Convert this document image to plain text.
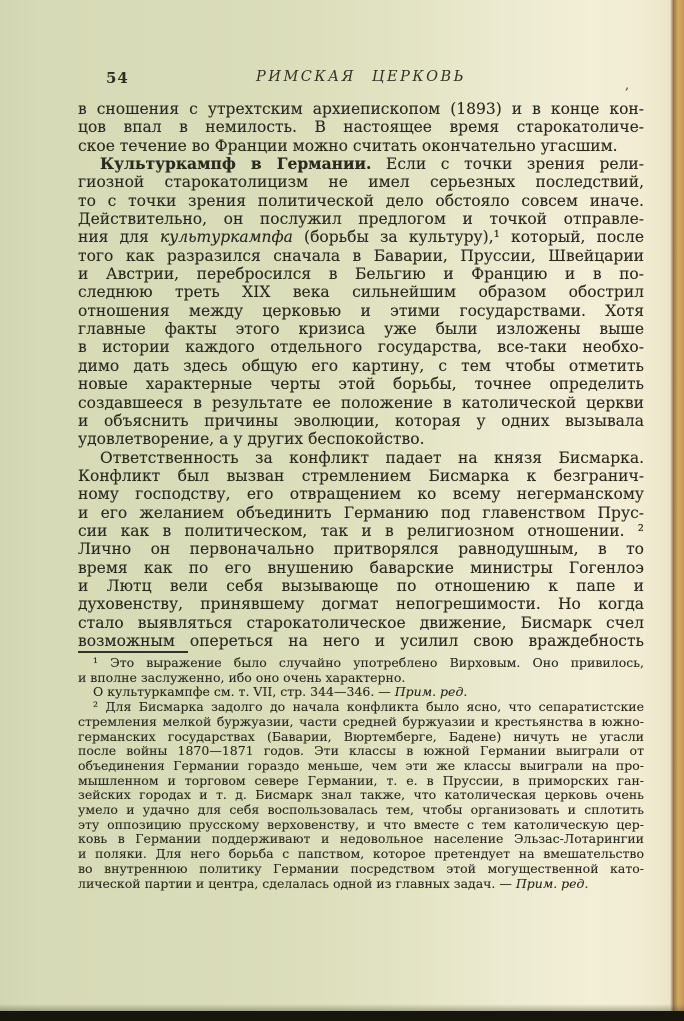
54	РИМСКАЯ ЦЕРКОВЬ
,
в сношения с утрехтским архиепископом (1893) и в конце кон-
цов впал в немилость. В настоящее время старокатоличе-
ское течение во Франции можно считать окончательно угасшим.
Культуркампф в Германии. Если с точки зрения рели-
гиозной старокатолицизм не имел серьезных последствий,
то с точки зрения политической дело обстояло совсем иначе.
Действительно, он послужил предлогом и точкой отправле-
ния для культуркампфа (борьбы за культуру),¹ который, после
того как разразился сначала в Баварии, Пруссии, Швейцарии
и Австрии, перебросился в Бельгию и Францию и в по-
следнюю треть XIX века сильнейшим образом обострил
отношения между церковью и этими государствами. Хотя
главные факты этого кризиса уже были изложены выше
в истории каждого отдельного государства, все-таки необхо-
димо дать здесь общую его картину, с тем чтобы отметить
новые характерные черты этой борьбы, точнее определить
создавшееся в результате ее положение в католической церкви
и объяснить причины эволюции, которая у одних вызывала
удовлетворение, а у других беспокойство.
Ответственность за конфликт падает на князя Бисмарка.
Конфликт был вызван стремлением Бисмарка к безгранич-
ному господству, его отвращением ко всему негерманскому
и его желанием объединить Германию под главенством Прус-
сии как в политическом, так и в религиозном отношении. ²
Лично он первоначально притворялся равнодушным, в то
время как по его внушению баварские министры Гогенлоэ
и Лютц вели себя вызывающе по отношению к папе и
духовенству, принявшему догмат непогрешимости. Но когда
стало выявляться старокатолическое движение, Бисмарк счел
возможным опереться на него и усилил свою враждебность
¹ Это выражение было случайно употреблено Вирховым. Оно привилось,
и вполне заслуженно, ибо оно очень характерно.
О культуркампфе см. т. VII, стр. 344—346. — Прим. ред.
² Для Бисмарка задолго до начала конфликта было ясно, что сепаратистские
стремления мелкой буржуазии, части средней буржуазии и крестьянства в южно-
германских государствах (Баварии, Вюртемберге, Бадене) ничуть не угасли
после войны 1870—1871 годов. Эти классы в южной Германии выиграли от
объединения Германии гораздо меньше, чем эти же классы выиграли на про-
мышленном и торговом севере Германии, т. е. в Пруссии, в приморских ган-
зейских городах и т. д. Бисмарк знал также, что католическая церковь очень
умело и удачно для себя воспользовалась тем, чтобы организовать и сплотить
эту оппозицию прусскому верховенству, и что вместе с тем католическую цер-
ковь в Германии поддерживают и недовольное население Эльзас-Лотарингии
и поляки. Для него борьба с папством, которое претендует на вмешательство
во внутреннюю политику Германии посредством этой могущественной като-
лической партии и центра, сделалась одной из главных задач. — Прим. ред.
